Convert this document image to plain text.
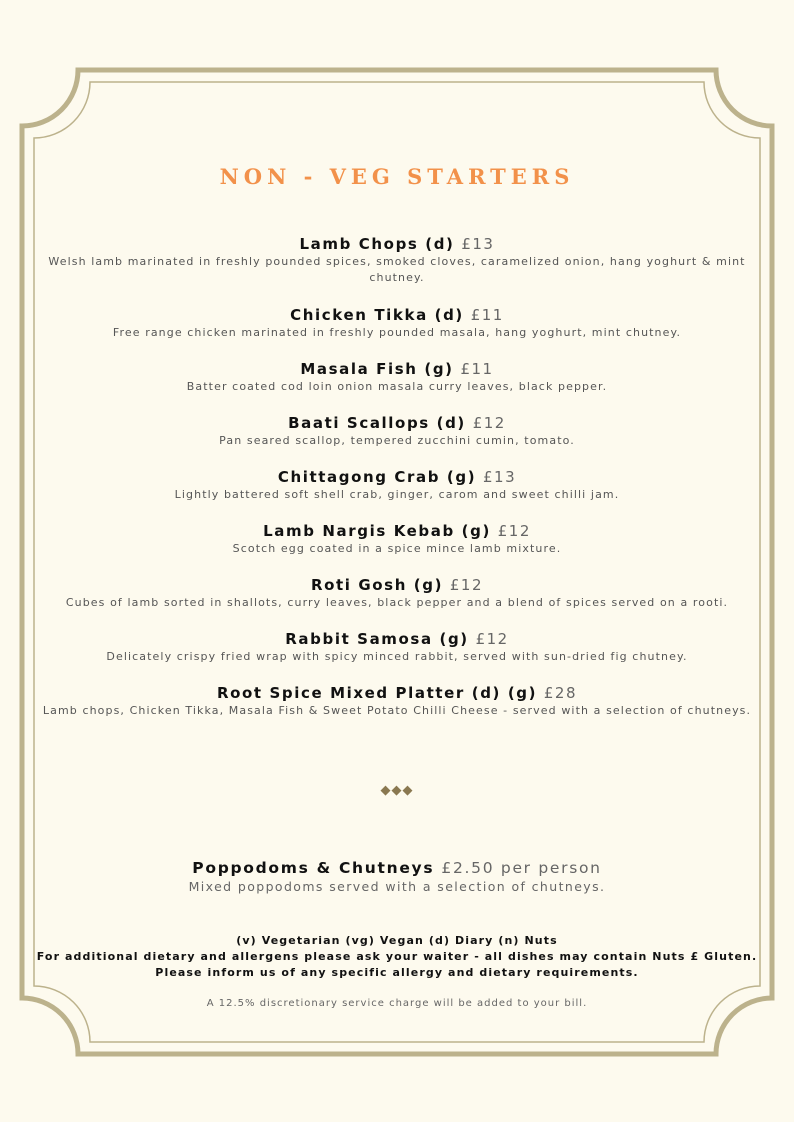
NON - VEG STARTERS
Lamb Chops (d) £13
Welsh lamb marinated in freshly pounded spices, smoked cloves, caramelized onion, hang yoghurt & mint chutney.
Chicken Tikka (d) £11
Free range chicken marinated in freshly pounded masala, hang yoghurt, mint chutney.
Masala Fish (g) £11
Batter coated cod loin onion masala curry leaves, black pepper.
Baati Scallops (d) £12
Pan seared scallop, tempered zucchini cumin, tomato.
Chittagong Crab (g) £13
Lightly battered soft shell crab, ginger, carom and sweet chilli jam.
Lamb Nargis Kebab (g) £12
Scotch egg coated in a spice mince lamb mixture.
Roti Gosh (g) £12
Cubes of lamb sorted in shallots, curry leaves, black pepper and a blend of spices served on a rooti.
Rabbit Samosa (g) £12
Delicately crispy fried wrap with spicy minced rabbit, served with sun-dried fig chutney.
Root Spice Mixed Platter (d) (g) £28
Lamb chops, Chicken Tikka, Masala Fish & Sweet Potato Chilli Cheese - served with a selection of chutneys.
◆◆◆
Poppodoms & Chutneys £2.50 per person
Mixed poppodoms served with a selection of chutneys.
(v) Vegetarian (vg) Vegan (d) Diary (n) Nuts
For additional dietary and allergens please ask your waiter - all dishes may contain Nuts £ Gluten.
Please inform us of any specific allergy and dietary requirements.
A 12.5% discretionary service charge will be added to your bill.
